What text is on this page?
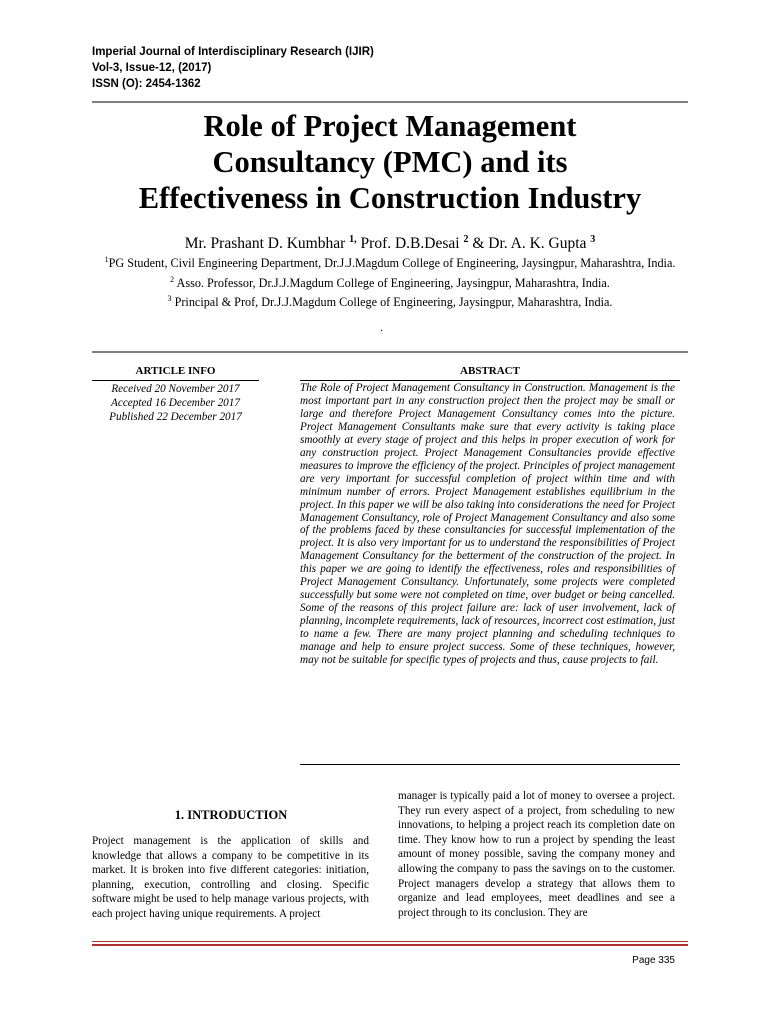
Imperial Journal of Interdisciplinary Research (IJIR)
Vol-3, Issue-12, (2017)
ISSN (O): 2454-1362
Role of Project Management
Consultancy (PMC) and its
Effectiveness in Construction Industry
Mr. Prashant D. Kumbhar $^{1,}$ Prof. D.B.Desai $^2$ & Dr. A. K. Gupta $^3$
$^1$PG Student, Civil Engineering Department, Dr.J.J.Magdum College of Engineering, Jaysingpur, Maharashtra, India.
$^2$ Asso. Professor, Dr.J.J.Magdum College of Engineering, Jaysingpur, Maharashtra, India.
$^3$ Principal & Prof, Dr.J.J.Magdum College of Engineering, Jaysingpur, Maharashtra, India.
.
ARTICLE INFO	ABSTRACT
Received 20 November 2017
Accepted 16 December 2017
Published 22 December 2017
The Role of Project Management Consultancy in Construction. Management is the most important part in any construction project then the project may be small or large and therefore Project Management Consultancy comes into the picture. Project Management Consultants make sure that every activity is taking place smoothly at every stage of project and this helps in proper execution of work for any construction project. Project Management Consultancies provide effective measures to improve the efficiency of the project. Principles of project management are very important for successful completion of project within time and with minimum number of errors. Project Management establishes equilibrium in the project. In this paper we will be also taking into considerations the need for Project Management Consultancy, role of Project Management Consultancy and also some of the problems faced by these consultancies for successful implementation of the project. It is also very important for us to understand the responsibilities of Project Management Consultancy for the betterment of the construction of the project. In this paper we are going to identify the effectiveness, roles and responsibilities of Project Management Consultancy. Unfortunately, some projects were completed successfully but some were not completed on time, over budget or being cancelled. Some of the reasons of this project failure are: lack of user involvement, lack of planning, incomplete requirements, lack of resources, incorrect cost estimation, just to name a few. There are many project planning and scheduling techniques to manage and help to ensure project success. Some of these techniques, however, may not be suitable for specific types of projects and thus, cause projects to fail.
1. INTRODUCTION
Project management is the application of skills and knowledge that allows a company to be competitive in its market. It is broken into five different categories: initiation, planning, execution, controlling and closing. Specific software might be used to help manage various projects, with each project having unique requirements. A project
manager is typically paid a lot of money to oversee a project. They run every aspect of a project, from scheduling to new innovations, to helping a project reach its completion date on time. They know how to run a project by spending the least amount of money possible, saving the company money and allowing the company to pass the savings on to the customer. Project managers develop a strategy that allows them to organize and lead employees, meet deadlines and see a project through to its conclusion. They are
Page 335
